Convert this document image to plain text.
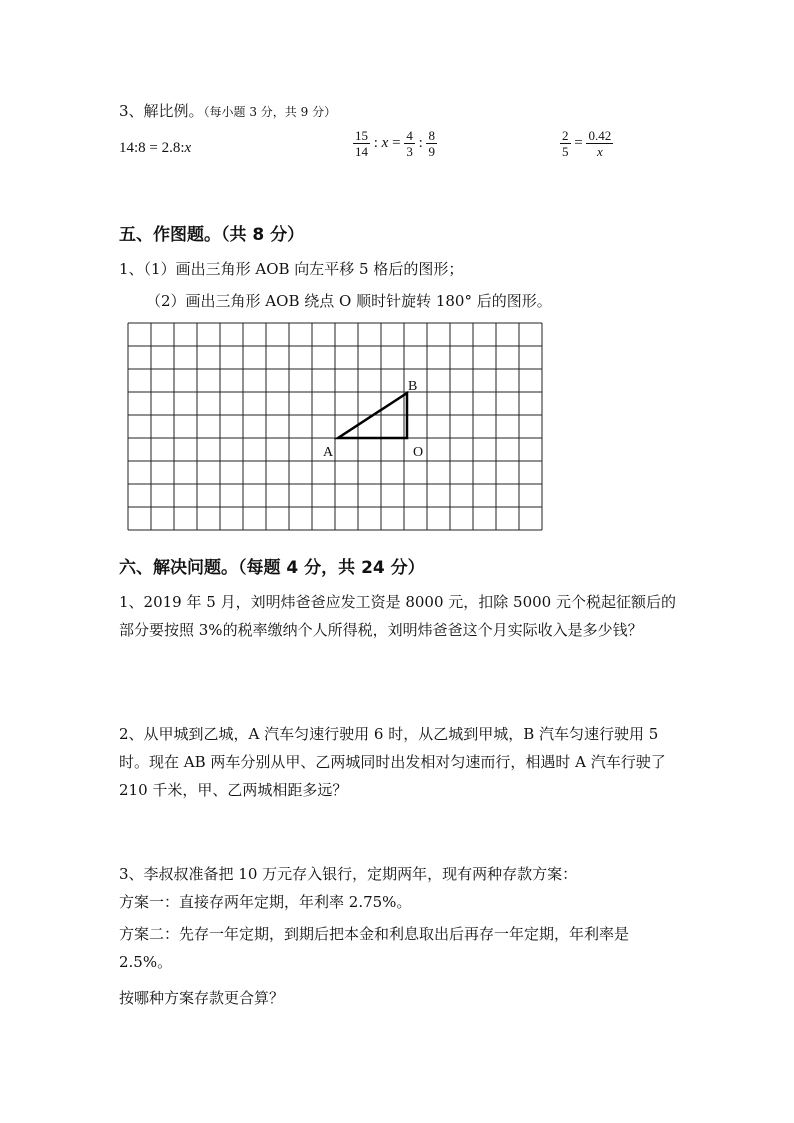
3、解比例。（每小题 3 分，共 9 分）
14:8 = 2.8:x	$\frac{15}{14}$ : $x = \frac{4}{3}$ : $\frac{8}{9}$	$\frac{2}{5} = \frac{0.42}{x}$
五、作图题。（共 8 分）
1、（1）画出三角形 AOB 向左平移 5 格后的图形；
（2）画出三角形 AOB 绕点 O 顺时针旋转 180° 后的图形。
A
B
O
六、解决问题。（每题 4 分，共 24 分）
1、2019 年 5 月，刘明炜爸爸应发工资是 8000 元，扣除 5000 元个税起征额后的部分要按照 3%的税率缴纳个人所得税，刘明炜爸爸这个月实际收入是多少钱？
2、从甲城到乙城，A 汽车匀速行驶用 6 时，从乙城到甲城，B 汽车匀速行驶用 5 时。现在 AB 两车分别从甲、乙两城同时出发相对匀速而行，相遇时 A 汽车行驶了 210 千米，甲、乙两城相距多远？
3、李叔叔准备把 10 万元存入银行，定期两年，现有两种存款方案：
方案一：直接存两年定期，年利率 2.75%。
方案二：先存一年定期，到期后把本金和利息取出后再存一年定期，年利率是 2.5%。
按哪种方案存款更合算？
